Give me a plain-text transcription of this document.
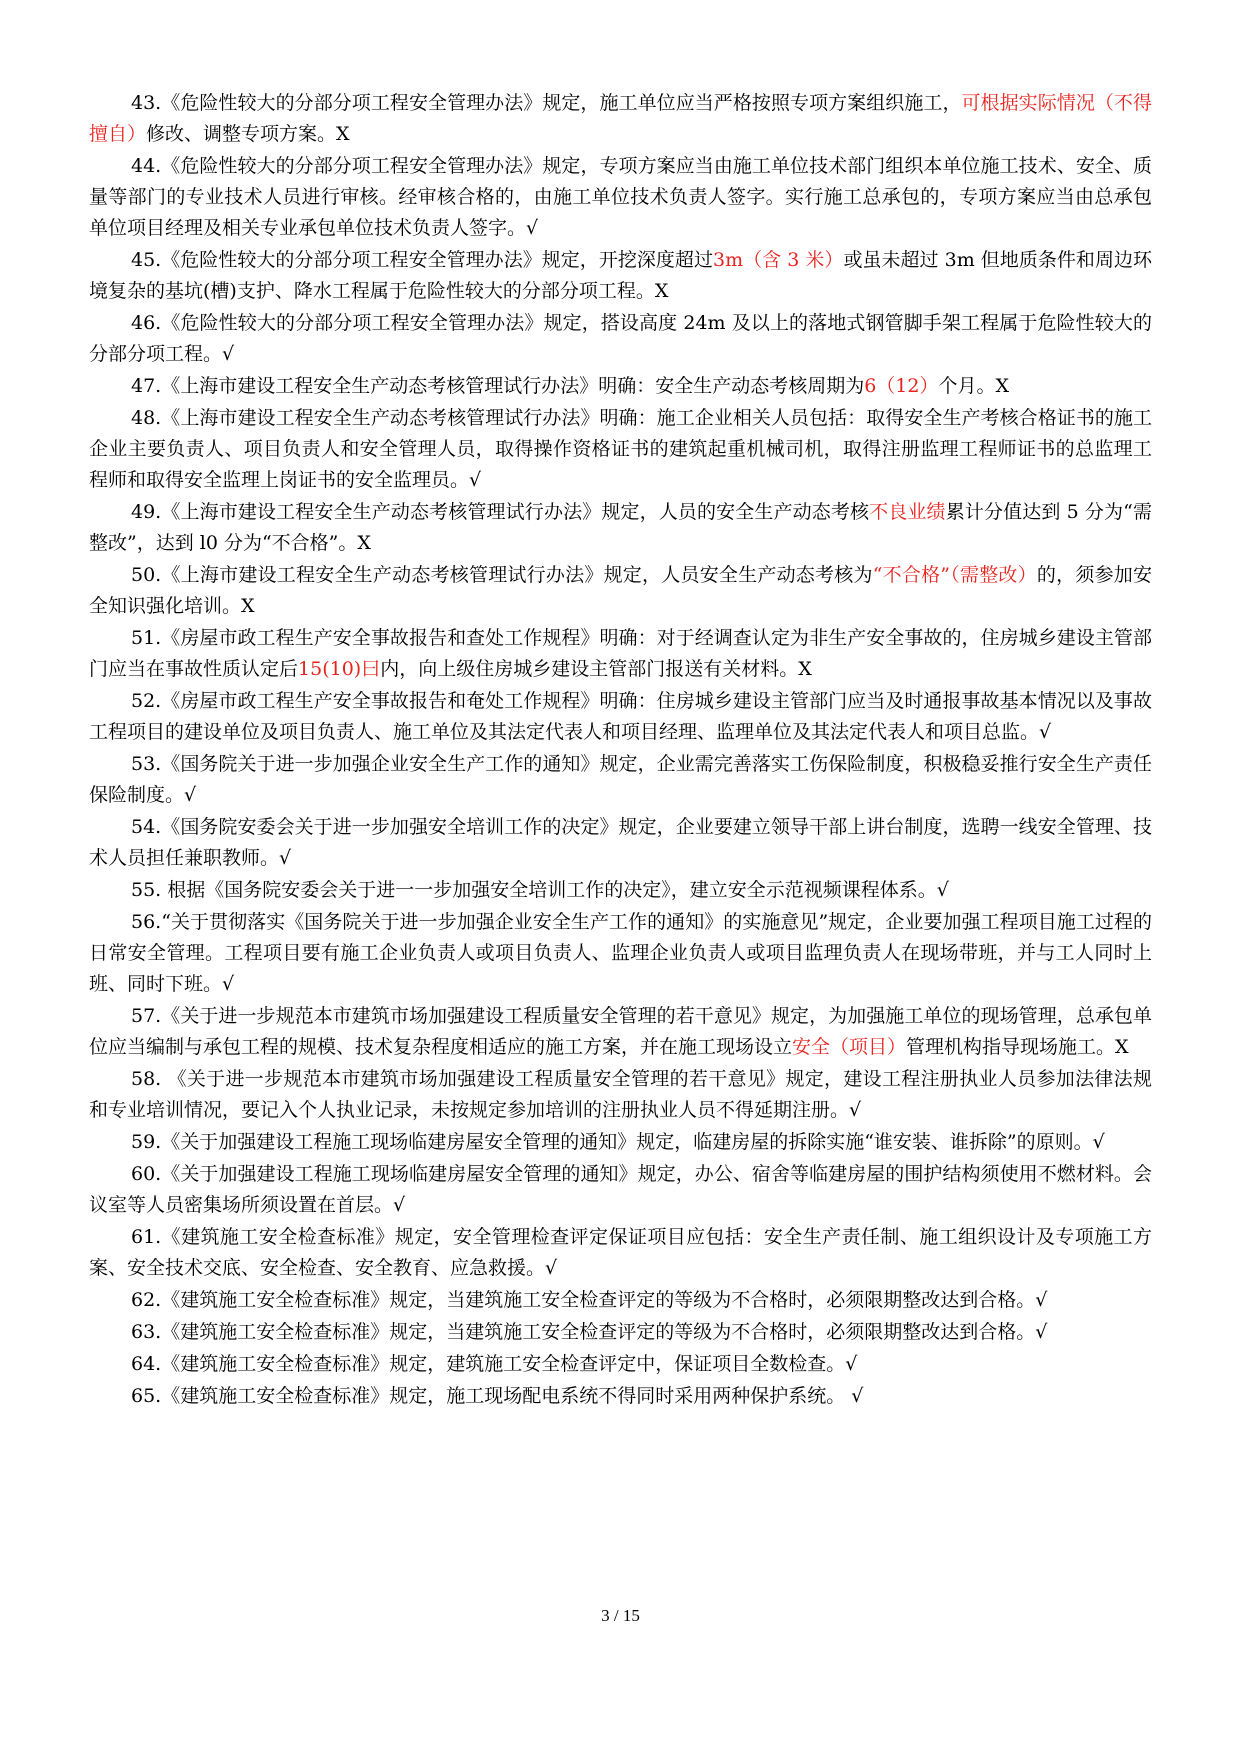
43.《危险性较大的分部分项工程安全管理办法》规定，施工单位应当严格按照专项方案组织施工，可根据实际情况（不得擅自）修改、调整专项方案。X

44.《危险性较大的分部分项工程安全管理办法》规定，专项方案应当由施工单位技术部门组织本单位施工技术、安全、质量等部门的专业技术人员进行审核。经审核合格的，由施工单位技术负责人签字。实行施工总承包的，专项方案应当由总承包单位项目经理及相关专业承包单位技术负责人签字。√

45.《危险性较大的分部分项工程安全管理办法》规定，开挖深度超过3m（含 3 米）或虽未超过 3m 但地质条件和周边环境复杂的基坑(槽)支护、降水工程属于危险性较大的分部分项工程。X

46.《危险性较大的分部分项工程安全管理办法》规定，搭设高度 24m 及以上的落地式钢管脚手架工程属于危险性较大的分部分项工程。√

47.《上海市建设工程安全生产动态考核管理试行办法》明确：安全生产动态考核周期为6（12）个月。X

48.《上海市建设工程安全生产动态考核管理试行办法》明确：施工企业相关人员包括：取得安全生产考核合格证书的施工企业主要负责人、项目负责人和安全管理人员，取得操作资格证书的建筑起重机械司机，取得注册监理工程师证书的总监理工程师和取得安全监理上岗证书的安全监理员。√

49.《上海市建设工程安全生产动态考核管理试行办法》规定，人员的安全生产动态考核不良业绩累计分值达到 5 分为“需整改”，达到 l0 分为“不合格”。X

50.《上海市建设工程安全生产动态考核管理试行办法》规定，人员安全生产动态考核为“不合格”（需整改）的，须参加安全知识强化培训。X

51.《房屋市政工程生产安全事故报告和查处工作规程》明确：对于经调查认定为非生产安全事故的，住房城乡建设主管部门应当在事故性质认定后15(10)曰内，向上级住房城乡建设主管部门报送有关材料。X

52.《房屋市政工程生产安全事故报告和奄处工作规程》明确：住房城乡建设主管部门应当及时通报事故基本情况以及事故工程项目的建设单位及项目负责人、施工单位及其法定代表人和项目经理、监理单位及其法定代表人和项目总监。√

53.《国务院关于进一步加强企业安全生产工作的通知》规定，企业需完善落实工伤保险制度，积极稳妥推行安全生产责任保险制度。√

54.《国务院安委会关于进一步加强安全培训工作的决定》规定，企业要建立领导干部上讲台制度，选聘一线安全管理、技术人员担任兼职教师。√

55. 根据《国务院安委会关于进一一步加强安全培训工作的决定》，建立安全示范视频课程体系。√

56.“关于贯彻落实《国务院关于进一步加强企业安全生产工作的通知》的实施意见”规定，企业要加强工程项目施工过程的日常安全管理。工程项目要有施工企业负责人或项目负责人、监理企业负责人或项目监理负责人在现场带班，并与工人同时上班、同时下班。√

57.《关于进一步规范本市建筑市场加强建设工程质量安全管理的若干意见》规定，为加强施工单位的现场管理，总承包单位应当编制与承包工程的规模、技术复杂程度相适应的施工方案，并在施工现场设立安全（项目）管理机构指导现场施工。X

58. 《关于进一步规范本市建筑市场加强建设工程质量安全管理的若干意见》规定，建设工程注册执业人员参加法律法规和专业培训情况，要记入个人执业记录，未按规定参加培训的注册执业人员不得延期注册。√

59.《关于加强建设工程施工现场临建房屋安全管理的通知》规定，临建房屋的拆除实施“谁安装、谁拆除”的原则。√

60.《关于加强建设工程施工现场临建房屋安全管理的通知》规定，办公、宿舍等临建房屋的围护结构须使用不燃材料。会议室等人员密集场所须设置在首层。√

61.《建筑施工安全检查标准》规定，安全管理检查评定保证项目应包括：安全生产责任制、施工组织设计及专项施工方案、安全技术交底、安全检查、安全教育、应急救援。√

62.《建筑施工安全检查标准》规定，当建筑施工安全检查评定的等级为不合格时，必须限期整改达到合格。√

63.《建筑施工安全检查标准》规定，当建筑施工安全检查评定的等级为不合格时，必须限期整改达到合格。√

64.《建筑施工安全检查标准》规定，建筑施工安全检查评定中，保证项目全数检查。√

65.《建筑施工安全检查标准》规定，施工现场配电系统不得同时采用两种保护系统。 √

3 / 15
